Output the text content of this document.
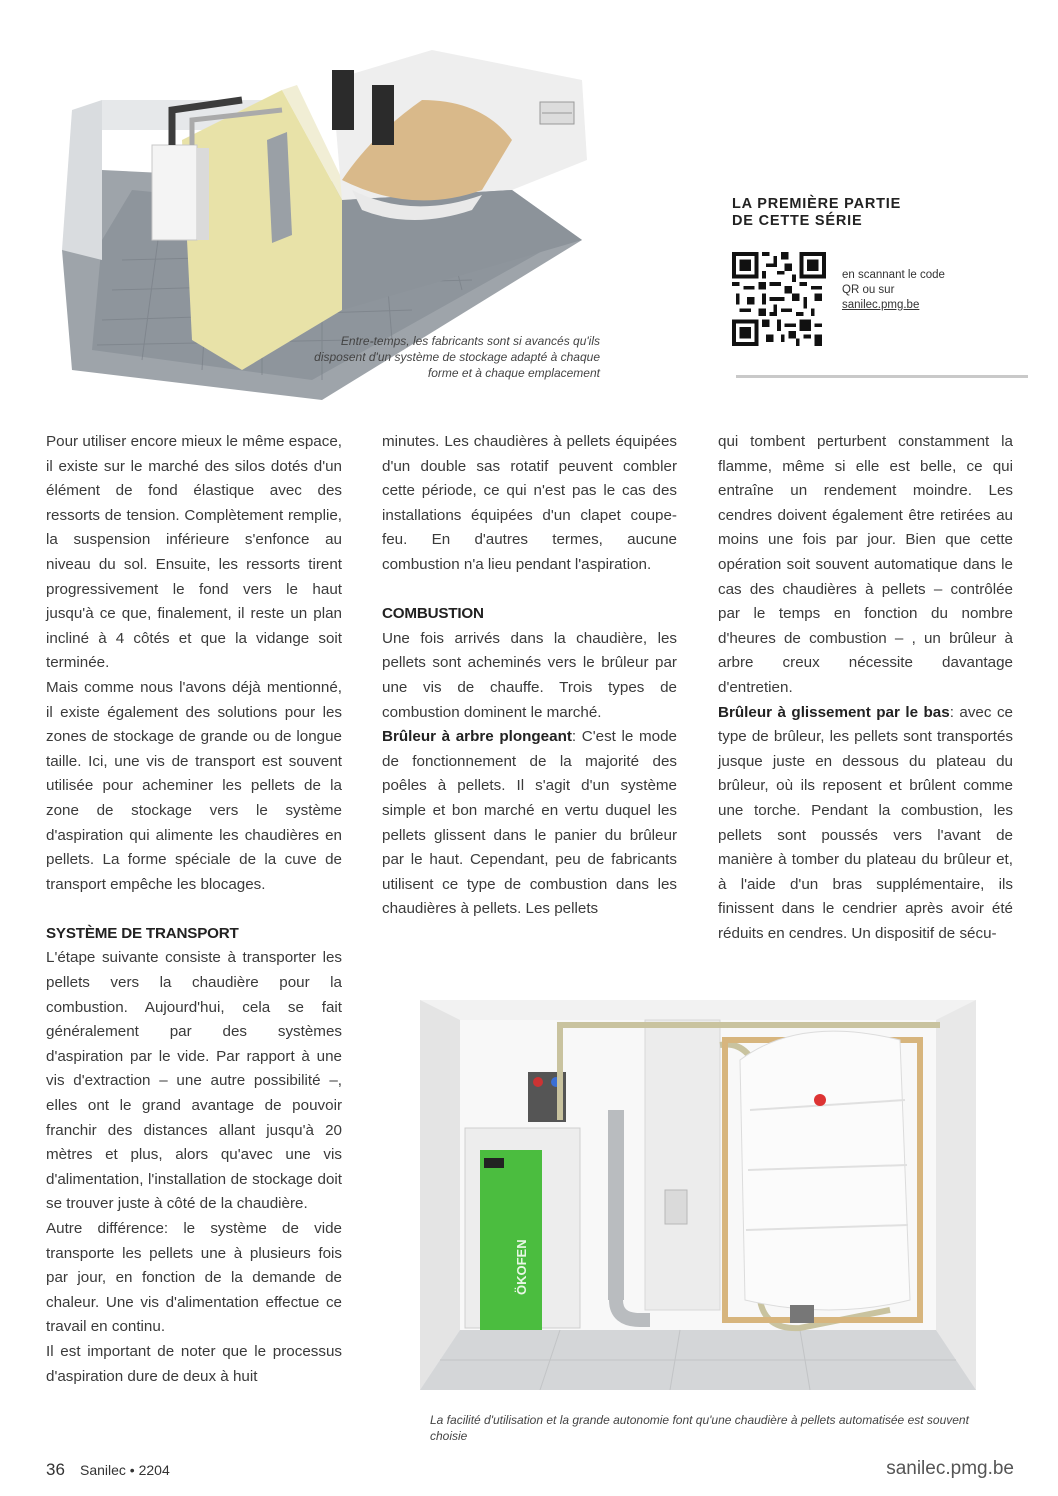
Entre-temps, les fabricants sont si avancés qu'ils disposent d'un système de stockage adapté à chaque forme et à chaque emplacement
LA PREMIÈRE PARTIE
DE CETTE SÉRIE
en scannant le code
QR ou sur
sanilec.pmg.be

Pour utiliser encore mieux le même espace, il existe sur le marché des silos dotés d'un élément de fond élastique avec des ressorts de tension. Complètement remplie, la suspension inférieure s'enfonce au niveau du sol. Ensuite, les ressorts tirent progressivement le fond vers le haut jusqu'à ce que, finalement, il reste un plan incliné à 4 côtés et que la vidange soit terminée.

Mais comme nous l'avons déjà mentionné, il existe également des solutions pour les zones de stockage de grande ou de longue taille. Ici, une vis de transport est souvent utilisée pour acheminer les pellets de la zone de stockage vers le système d'aspiration qui alimente les chaudières en pellets. La forme spéciale de la cuve de transport empêche les blocages.

SYSTÈME DE TRANSPORT

L'étape suivante consiste à transporter les pellets vers la chaudière pour la combustion. Aujourd'hui, cela se fait généralement par des systèmes d'aspiration par le vide. Par rapport à une vis d'extraction – une autre possibilité –, elles ont le grand avantage de pouvoir franchir des distances allant jusqu'à 20 mètres et plus, alors qu'avec une vis d'alimentation, l'installation de stockage doit se trouver juste à côté de la chaudière.

Autre différence: le système de vide transporte les pellets une à plusieurs fois par jour, en fonction de la demande de chaleur. Une vis d'alimentation effectue ce travail en continu.

Il est important de noter que le processus d'aspiration dure de deux à huit

minutes. Les chaudières à pellets équipées d'un double sas rotatif peuvent combler cette période, ce qui n'est pas le cas des installations équipées d'un clapet coupe-feu. En d'autres termes, aucune combustion n'a lieu pendant l'aspiration.

COMBUSTION

Une fois arrivés dans la chaudière, les pellets sont acheminés vers le brûleur par une vis de chauffe. Trois types de combustion dominent le marché.

Brûleur à arbre plongeant: C'est le mode de fonctionnement de la majorité des poêles à pellets. Il s'agit d'un système simple et bon marché en vertu duquel les pellets glissent dans le panier du brûleur par le haut. Cependant, peu de fabricants utilisent ce type de combustion dans les chaudières à pellets. Les pellets

qui tombent perturbent constamment la flamme, même si elle est belle, ce qui entraîne un rendement moindre. Les cendres doivent également être retirées au moins une fois par jour. Bien que cette opération soit souvent automatique dans le cas des chaudières à pellets – contrôlée par le temps en fonction du nombre d'heures de combustion – , un brûleur à arbre creux nécessite davantage d'entretien.

Brûleur à glissement par le bas: avec ce type de brûleur, les pellets sont transportés jusque juste en dessous du plateau du brûleur, où ils reposent et brûlent comme une torche. Pendant la combustion, les pellets sont poussés vers l'avant de manière à tomber du plateau du brûleur et, à l'aide d'un bras supplémentaire, ils finissent dans le cendrier après avoir été réduits en cendres. Un dispositif de sécu-

ÖKOFEN
La facilité d'utilisation et la grande autonomie font qu'une chaudière à pellets automatisée est souvent choisie
36 Sanilec • 2204	sanilec.pmg.be
